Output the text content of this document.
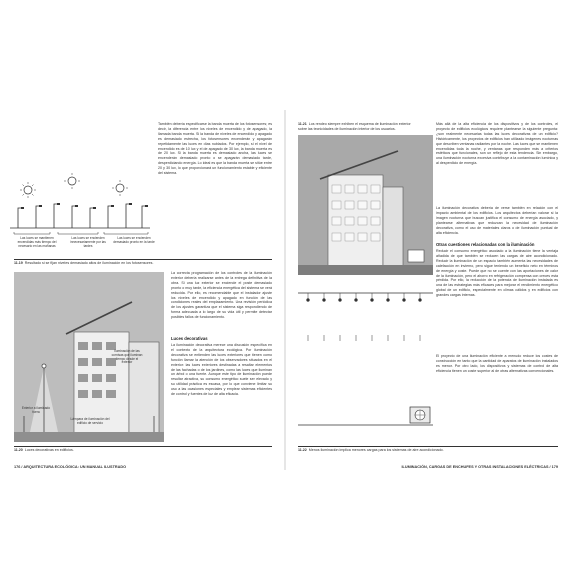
Las luces se mantienen encendidas más tiempo del necesario en las mañanas
Las luces se encienden innecesariamente por las tardes
Las luces se encienden demasiado pronto en la tarde
11.19 Resultado si se fijan niveles demasiado altos de iluminación en los fotosensores.

También debería especificarse la banda muerta de los fotosensores; es decir, la diferencia entre los niveles de encendido y de apagado, la llamada banda muerta. Si la banda de niveles de encendido y apagado es demasiado estrecha, los fotosensores encenderán y apagarán repetidamente las luces en días nublados. Por ejemplo, si el nivel de encendido es de 10 lux y el de apagado de 30 lux, la banda muerta es de 20 lux. Si la banda muerta es demasiado ancha, las luces se encenderán demasiado pronto o se apagarán demasiado tarde, desperdiciando energía. Lo ideal es que la banda muerta se sitúe entre 20 y 30 lux, lo que proporcionará un funcionamiento estable y eficiente del sistema.

La correcta programación de los controles de la iluminación exterior debería realizarse antes de la entrega definitiva de la obra. Si una luz exterior se enciende el poste demasiado pronto o muy tarde, la eficiencia energética del sistema se verá reducida. Por ello, es recomendable que el instalador ajuste los niveles de encendido y apagado en función de las condiciones reales del emplazamiento. Una revisión periódica de los ajustes garantiza que el sistema siga respondiendo de forma adecuada a lo largo de su vida útil y permite detectar posibles fallos de funcionamiento.

Luces decorativas

La iluminación decorativa merece una discusión específica en el contexto de la arquitectura ecológica. Por iluminación decorativa se entienden las luces exteriores que tienen como función llamar la atención de los observadores situados en el exterior: las luces exteriores destinadas a resaltar elementos de las fachadas o de los jardines, como las luces que iluminan un árbol o una fuente. Aunque este tipo de iluminación puede resultar atractiva, su consumo energético suele ser elevado y su utilidad práctica es escasa, por lo que conviene limitar su uso a las ocasiones especiales y emplear sistemas eficientes de control y fuentes de luz de alta eficacia.

Exterior a iluminado fuera
Lámpara de iluminación del edificio de servicio
Iluminación de las cornisas que iluminan tiempo desde el exterior
11.20 Luces decorativas en edificios.
176 / ARQUITECTURA ECOLÓGICA: UN MANUAL ILUSTRADO
11.21 Los rendeo siempre exhiben el esquema de iluminación exterior sobre las tecnicidades de iluminación interior de los usuarios.

Más allá de la alta eficiencia de los dispositivos y de los controles, el proyecto de edificios ecológicos requiere plantearse la siguiente pregunta: ¿son realmente necesarias todas las luces decorativas de un edificio? Históricamente, los proyectos de edificios han utilizado imágenes nocturnas que describen ventanas radiantes por la noche. Las luces que se mantienen encendidas toda la noche, y ventanas que responden más a criterios estéticos que funcionales, son un reflejo de esta tendencia. Sin embargo, una iluminación nocturna excesiva contribuye a la contaminación lumínica y al desperdicio de energía.

La iluminación decorativa debería de verse también en relación con el impacto ambiental de los edificios. Los arquitectos deberían valorar si la imagen nocturna que buscan justifica el consumo de energía asociado, y plantearse alternativas que reduzcan la necesidad de iluminación decorativa, como el uso de materiales claros o de iluminación puntual de alta eficiencia.

Otras cuestiones relacionadas con la iluminación

Reducir el consumo energético asociado a la iluminación tiene la ventaja añadida de que también se reducen las cargas de aire acondicionado. Reducir la iluminación de un espacio también aumenta las necesidades de calefacción en invierno, pero sigue teniendo un beneficio neto en términos de energía y coste. Puede que no se cuente con las aportaciones de calor de la iluminación, pero el ahorro en refrigeración compensa con creces esta pérdida. Por ello, la reducción de la potencia de iluminación instalada es una de las estrategias más eficaces para mejorar el rendimiento energético global de un edificio, especialmente en climas cálidos y en edificios con grandes cargas internas.

El proyecto de una iluminación eficiente a menudo reduce los costes de construcción en tanto que la cantidad de aparatos de iluminación instalados es menor. Por otro lado, los dispositivos y sistemas de control de alta eficiencia tienen un coste superior al de otras alternativas convencionales.

11.22 Menos iluminación implica menores cargas para los sistemas de aire acondicionado.
ILUMINACIÓN, CARGAS DE ENCHUFES Y OTRAS INSTALACIONES ELÉCTRICAS / 179
